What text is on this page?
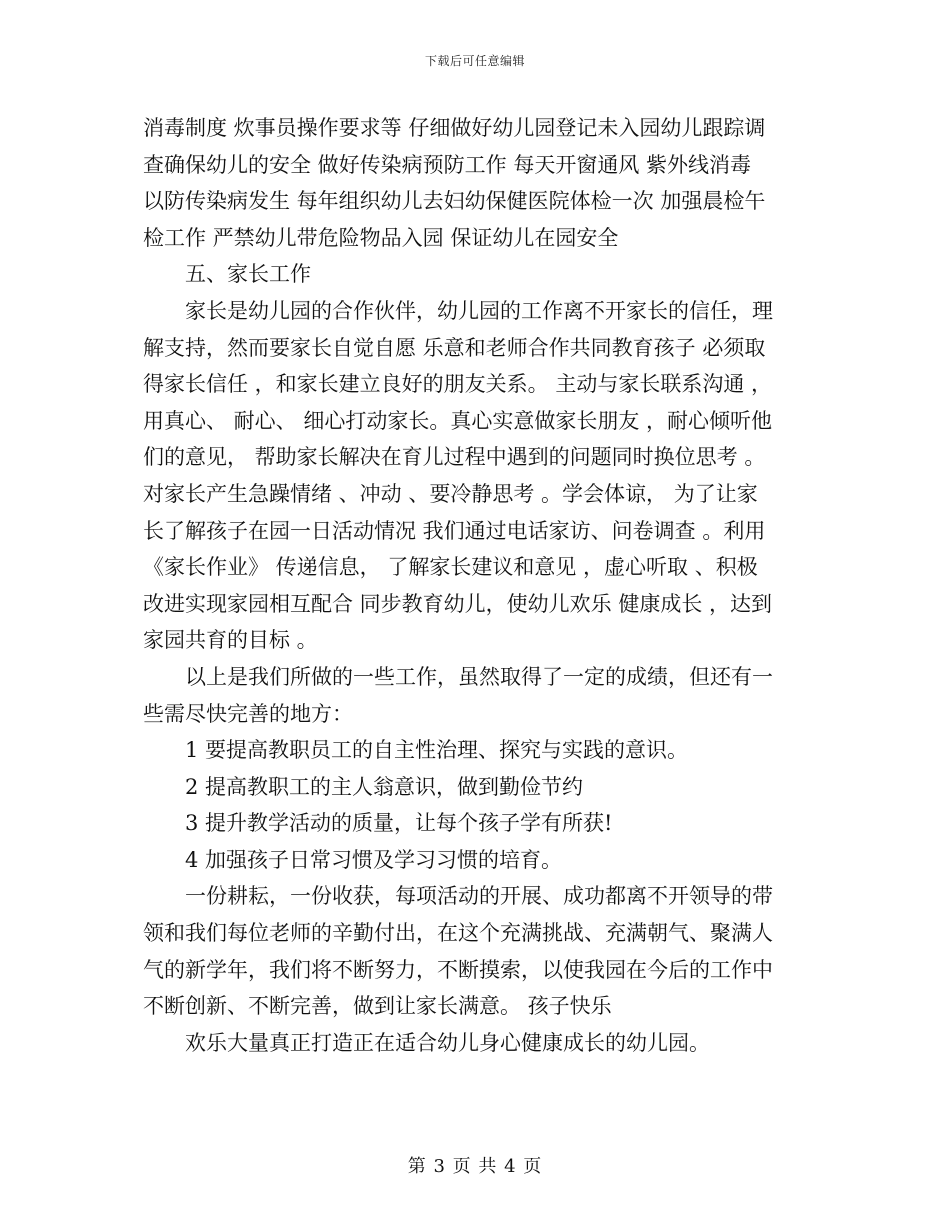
下载后可任意编辑
消毒制度 炊事员操作要求等 仔细做好幼儿园登记未入园幼儿跟踪调
查确保幼儿的安全 做好传染病预防工作 每天开窗通风 紫外线消毒
以防传染病发生 每年组织幼儿去妇幼保健医院体检一次 加强晨检午
检工作 严禁幼儿带危险物品入园 保证幼儿在园安全
五、家长工作
家长是幼儿园的合作伙伴，幼儿园的工作离不开家长的信任，理
解支持，然而要家长自觉自愿 乐意和老师合作共同教育孩子 必须取
得家长信任 ，和家长建立良好的朋友关系。 主动与家长联系沟通 ，
用真心、 耐心、 细心打动家长。真心实意做家长朋友 ，耐心倾听他
们的意见， 帮助家长解决在育儿过程中遇到的问题同时换位思考 。
对家长产生急躁情绪 、冲动 、要冷静思考 。学会体谅， 为了让家
长了解孩子在园一日活动情况 我们通过电话家访、问卷调查 。利用
《家长作业》 传递信息， 了解家长建议和意见 ，虚心听取 、积极
改进实现家园相互配合 同步教育幼儿，使幼儿欢乐 健康成长 ，达到
家园共育的目标 。
以上是我们所做的一些工作，虽然取得了一定的成绩，但还有一
些需尽快完善的地方：
1 要提高教职员工的自主性治理、探究与实践的意识。
2 提高教职工的主人翁意识，做到勤俭节约
3 提升教学活动的质量，让每个孩子学有所获!
4 加强孩子日常习惯及学习习惯的培育。
一份耕耘，一份收获，每项活动的开展、成功都离不开领导的带
领和我们每位老师的辛勤付出，在这个充满挑战、充满朝气、聚满人
气的新学年，我们将不断努力，不断摸索，以使我园在今后的工作中
不断创新、不断完善，做到让家长满意。 孩子快乐
欢乐大量真正打造正在适合幼儿身心健康成长的幼儿园。
第 3 页 共 4 页
